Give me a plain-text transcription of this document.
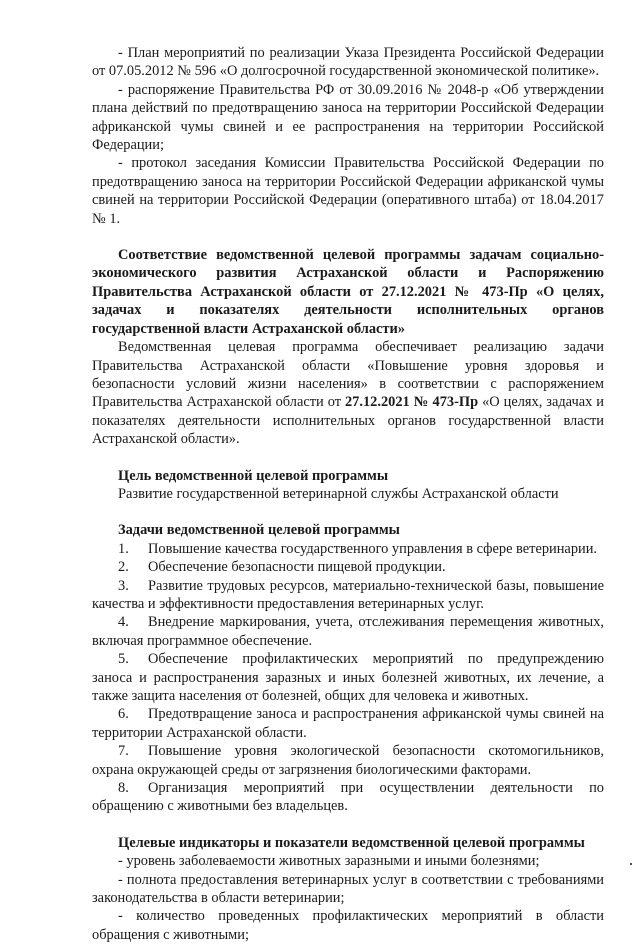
- План мероприятий по реализации Указа Президента Российской Федерации от 07.05.2012 № 596 «О долгосрочной государственной экономической политике».

- распоряжение Правительства РФ от 30.09.2016 № 2048-р «Об утверждении плана действий по предотвращению заноса на территории Российской Федерации африканской чумы свиней и ее распространения на территории Российской Федерации;

- протокол заседания Комиссии Правительства Российской Федерации по предотвращению заноса на территории Российской Федерации африканской чумы свиней на территории Российской Федерации (оперативного штаба) от 18.04.2017 № 1.

Соответствие ведомственной целевой программы задачам социально-экономического развития Астраханской области и Распоряжению Правительства Астраханской области от 27.12.2021 № 473-Пр «О целях, задачах и показателях деятельности исполнительных органов государственной власти Астраханской области»

Ведомственная целевая программа обеспечивает реализацию задачи Правительства Астраханской области «Повышение уровня здоровья и безопасности условий жизни населения» в соответствии с распоряжением Правительства Астраханской области от 27.12.2021 № 473-Пр «О целях, задачах и показателях деятельности исполнительных органов государственной власти Астраханской области».

Цель ведомственной целевой программы

Развитие государственной ветеринарной службы Астраханской области

Задачи ведомственной целевой программы

1. Повышение качества государственного управления в сфере ветеринарии.

2. Обеспечение безопасности пищевой продукции.

3. Развитие трудовых ресурсов, материально-технической базы, повышение качества и эффективности предоставления ветеринарных услуг.

4. Внедрение маркирования, учета, отслеживания перемещения животных, включая программное обеспечение.

5. Обеспечение профилактических мероприятий по предупреждению заноса и распространения заразных и иных болезней животных, их лечение, а также защита населения от болезней, общих для человека и животных.

6. Предотвращение заноса и распространения африканской чумы свиней на территории Астраханской области.

7. Повышение уровня экологической безопасности скотомогильников, охрана окружающей среды от загрязнения биологическими факторами.

8. Организация мероприятий при осуществлении деятельности по обращению с животными без владельцев.

Целевые индикаторы и показатели ведомственной целевой программы

- уровень заболеваемости животных заразными и иными болезнями;

- полнота предоставления ветеринарных услуг в соответствии с требованиями законодательства в области ветеринарии;

- количество проведенных профилактических мероприятий в области обращения с животными;
